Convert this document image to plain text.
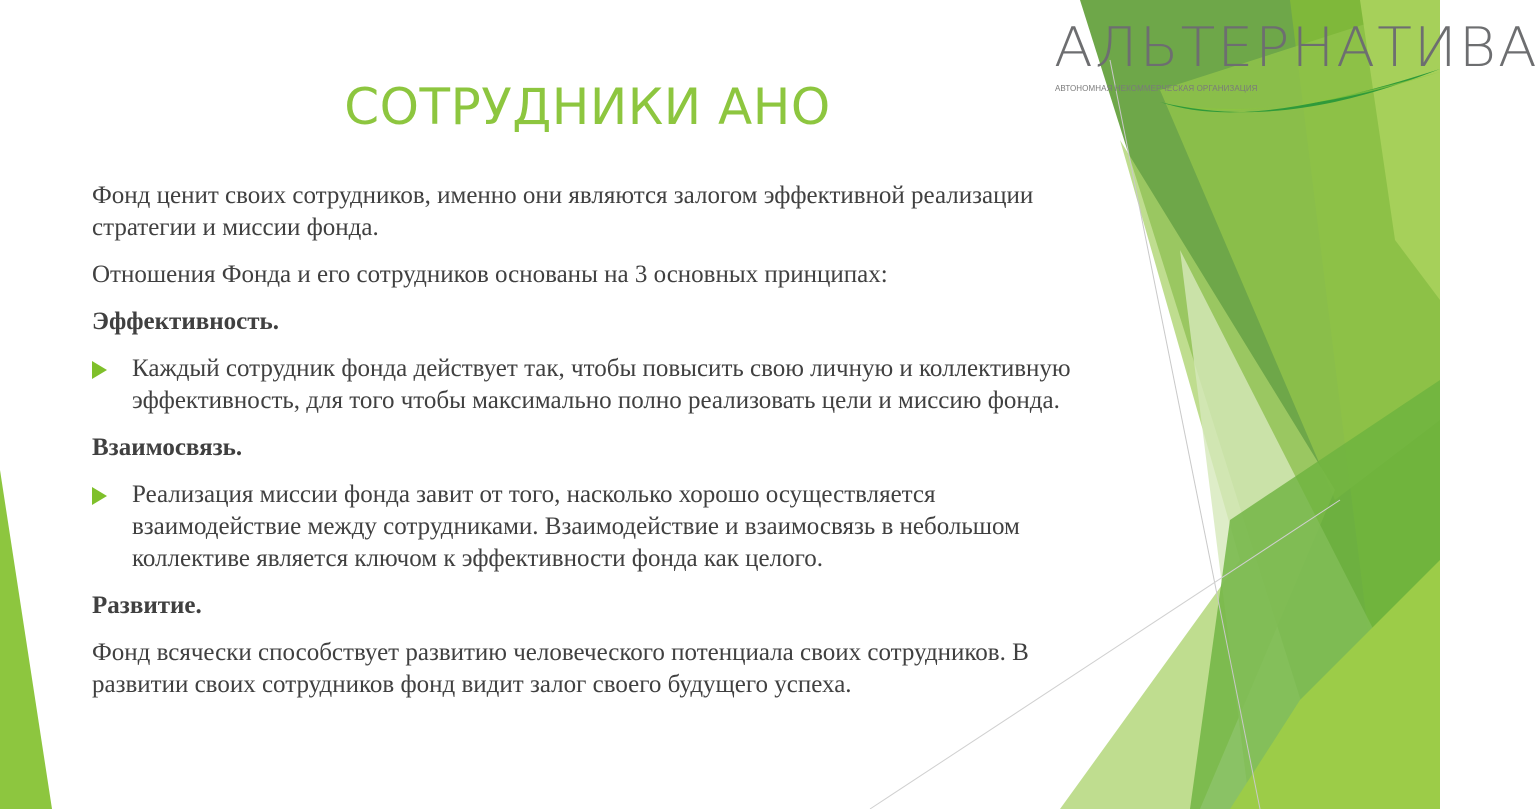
АЛЬТЕРНАТИВА
АВТОНОМНАЯ НЕКОММЕРЧЕСКАЯ ОРГАНИЗАЦИЯ
СОТРУДНИКИ АНО

Фонд ценит своих сотрудников, именно они являются залогом эффективной реализации стратегии и миссии фонда.

Отношения Фонда и его сотрудников основаны на 3 основных принципах:

Эффективность.

Каждый сотрудник фонда действует так, чтобы повысить свою личную и коллективную эффективность, для того чтобы максимально полно реализовать цели и миссию фонда.

Взаимосвязь.

Реализация миссии фонда завит от того, насколько хорошо осуществляется взаимодействие между сотрудниками. Взаимодействие и взаимосвязь в небольшом коллективе является ключом к эффективности фонда как целого.

Развитие.

Фонд всячески способствует развитию человеческого потенциала своих сотрудников. В развитии своих сотрудников фонд видит залог своего будущего успеха.
